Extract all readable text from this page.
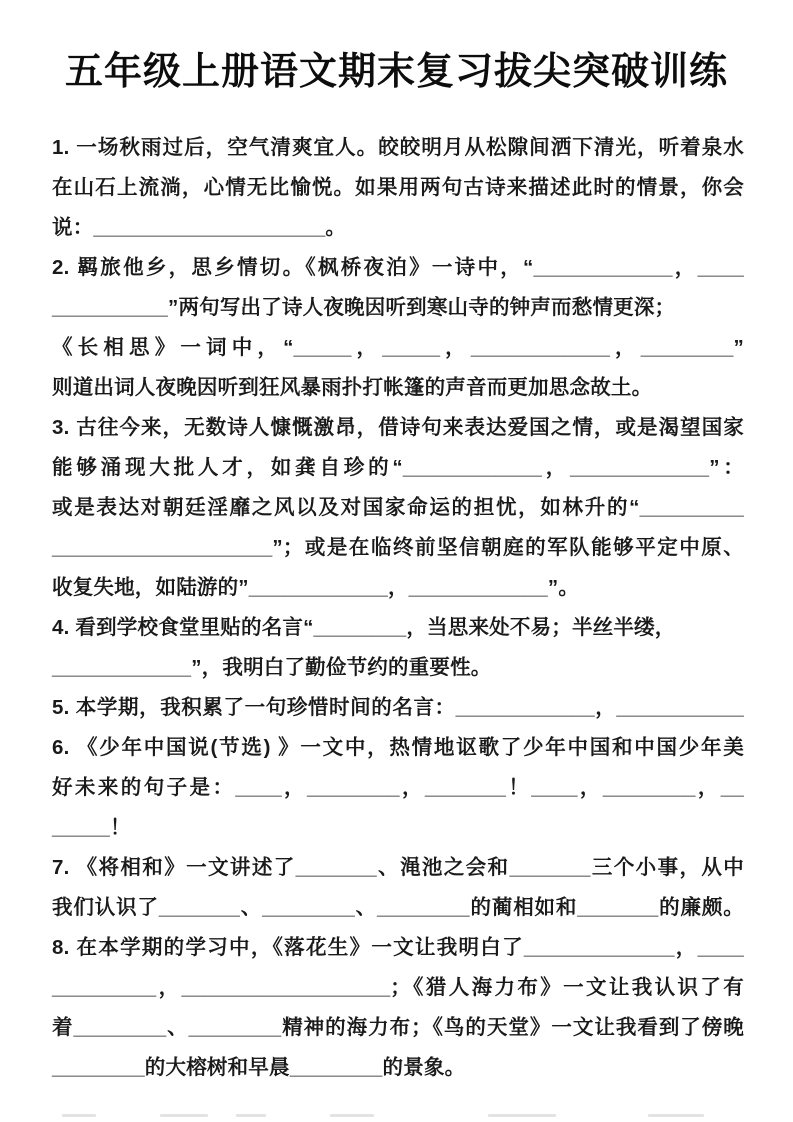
五年级上册语文期末复习拔尖突破训练
1. 一场秋雨过后，空气清爽宜人。皎皎明月从松隙间洒下清光，听着泉水
在山石上流淌，心情无比愉悦。如果用两句古诗来描述此时的情景，你会
说：____________________。
2. 羁旅他乡，思乡情切。《枫桥夜泊》一诗中，“____________，____
__________”两句写出了诗人夜晚因听到寒山寺的钟声而愁情更深；
《长相思》一词中，“_____，_____，____________，________”
则道出词人夜晚因听到狂风暴雨扑打帐篷的声音而更加思念故土。
3. 古往今来，无数诗人慷慨激昂，借诗句来表达爱国之情，或是渴望国家
能够涌现大批人才，如龚自珍的“____________，____________”：
或是表达对朝廷淫靡之风以及对国家命运的担忧，如林升的“_________
___________________”；或是在临终前坚信朝庭的军队能够平定中原、
收复失地，如陆游的”____________，____________”。
4. 看到学校食堂里贴的名言“________，当思来处不易；半丝半缕，
____________”，我明白了勤俭节约的重要性。
5. 本学期，我积累了一句珍惜时间的名言：____________，___________
6. 《少年中国说(节选) 》一文中，热情地讴歌了少年中国和中国少年美
好未来的句子是：____，________，_______！____，________，__
_____！
7. 《将相和》一文讲述了_______、渑池之会和_______三个小事，从中
我们认识了_______、________、________的蔺相如和_______的廉颇。
8. 在本学期的学习中，《落花生》一文让我明白了_____________，____
_________，__________________；《猎人海力布》一文让我认识了有
着________、________精神的海力布；《鸟的天堂》一文让我看到了傍晚
________的大榕树和早晨________的景象。
